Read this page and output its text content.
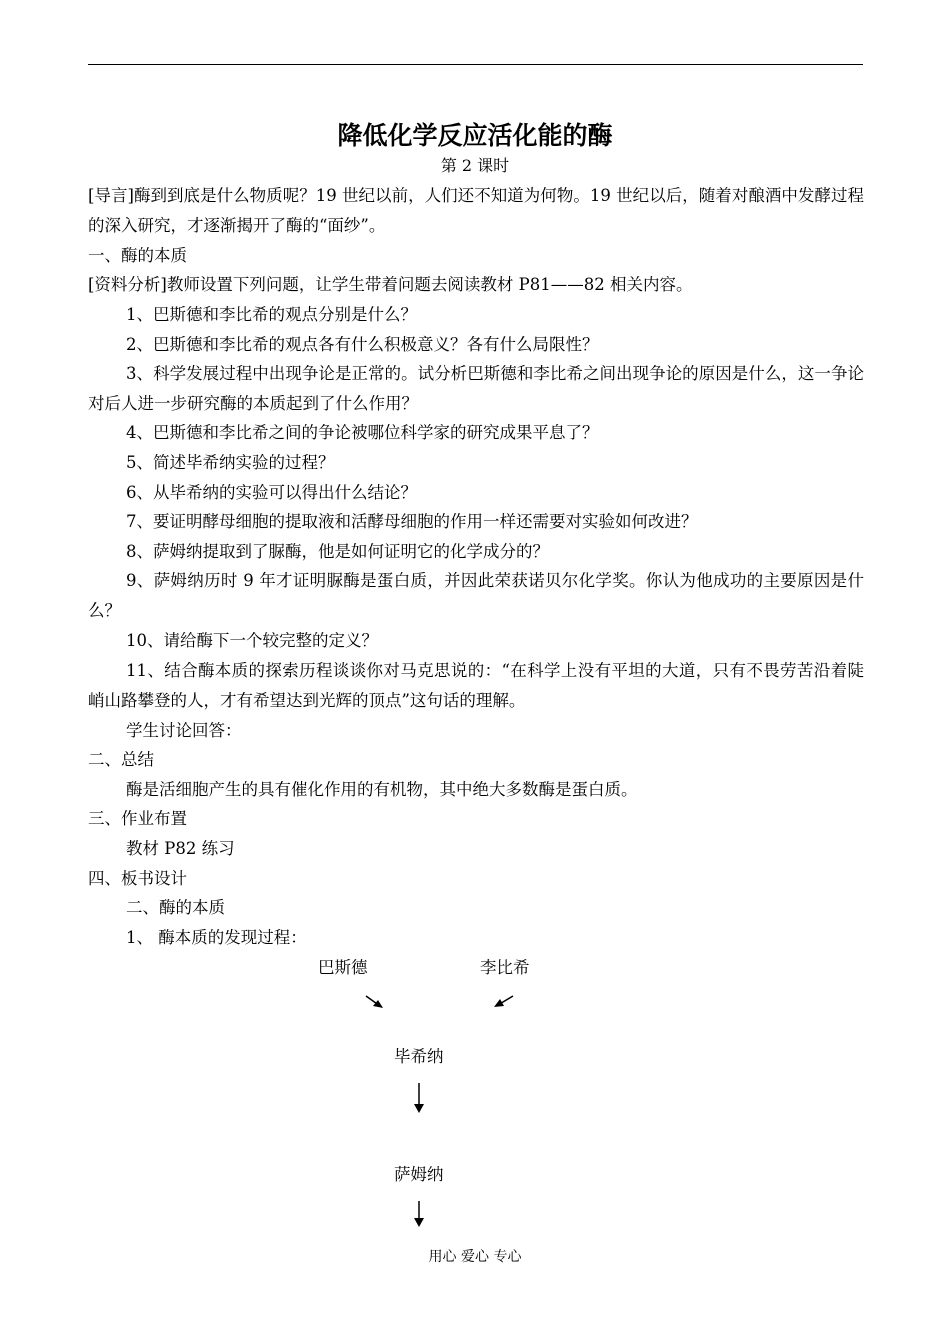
降低化学反应活化能的酶
第 2 课时
[导言]酶到到底是什么物质呢？19 世纪以前，人们还不知道为何物。19 世纪以后，随着对酿酒中发酵过程的深入研究，才逐渐揭开了酶的“面纱”。
一、酶的本质
[资料分析]教师设置下列问题，让学生带着问题去阅读教材 P81——82 相关内容。
1、巴斯德和李比希的观点分别是什么？
2、巴斯德和李比希的观点各有什么积极意义？各有什么局限性？
3、科学发展过程中出现争论是正常的。试分析巴斯德和李比希之间出现争论的原因是什么，这一争论对后人进一步研究酶的本质起到了什么作用？
4、巴斯德和李比希之间的争论被哪位科学家的研究成果平息了？
5、简述毕希纳实验的过程？
6、从毕希纳的实验可以得出什么结论？
7、要证明酵母细胞的提取液和活酵母细胞的作用一样还需要对实验如何改进？
8、萨姆纳提取到了脲酶，他是如何证明它的化学成分的？
9、萨姆纳历时 9 年才证明脲酶是蛋白质，并因此荣获诺贝尔化学奖。你认为他成功的主要原因是什么？
10、请给酶下一个较完整的定义？
11、结合酶本质的探索历程谈谈你对马克思说的：“在科学上没有平坦的大道，只有不畏劳苦沿着陡峭山路攀登的人，才有希望达到光辉的顶点”这句话的理解。
学生讨论回答：
二、总结
酶是活细胞产生的具有催化作用的有机物，其中绝大多数酶是蛋白质。
三、作业布置
教材 P82 练习
四、板书设计
二、酶的本质
1、 酶本质的发现过程：
巴斯德	李比希
毕希纳
萨姆纳
用心 爱心 专心
